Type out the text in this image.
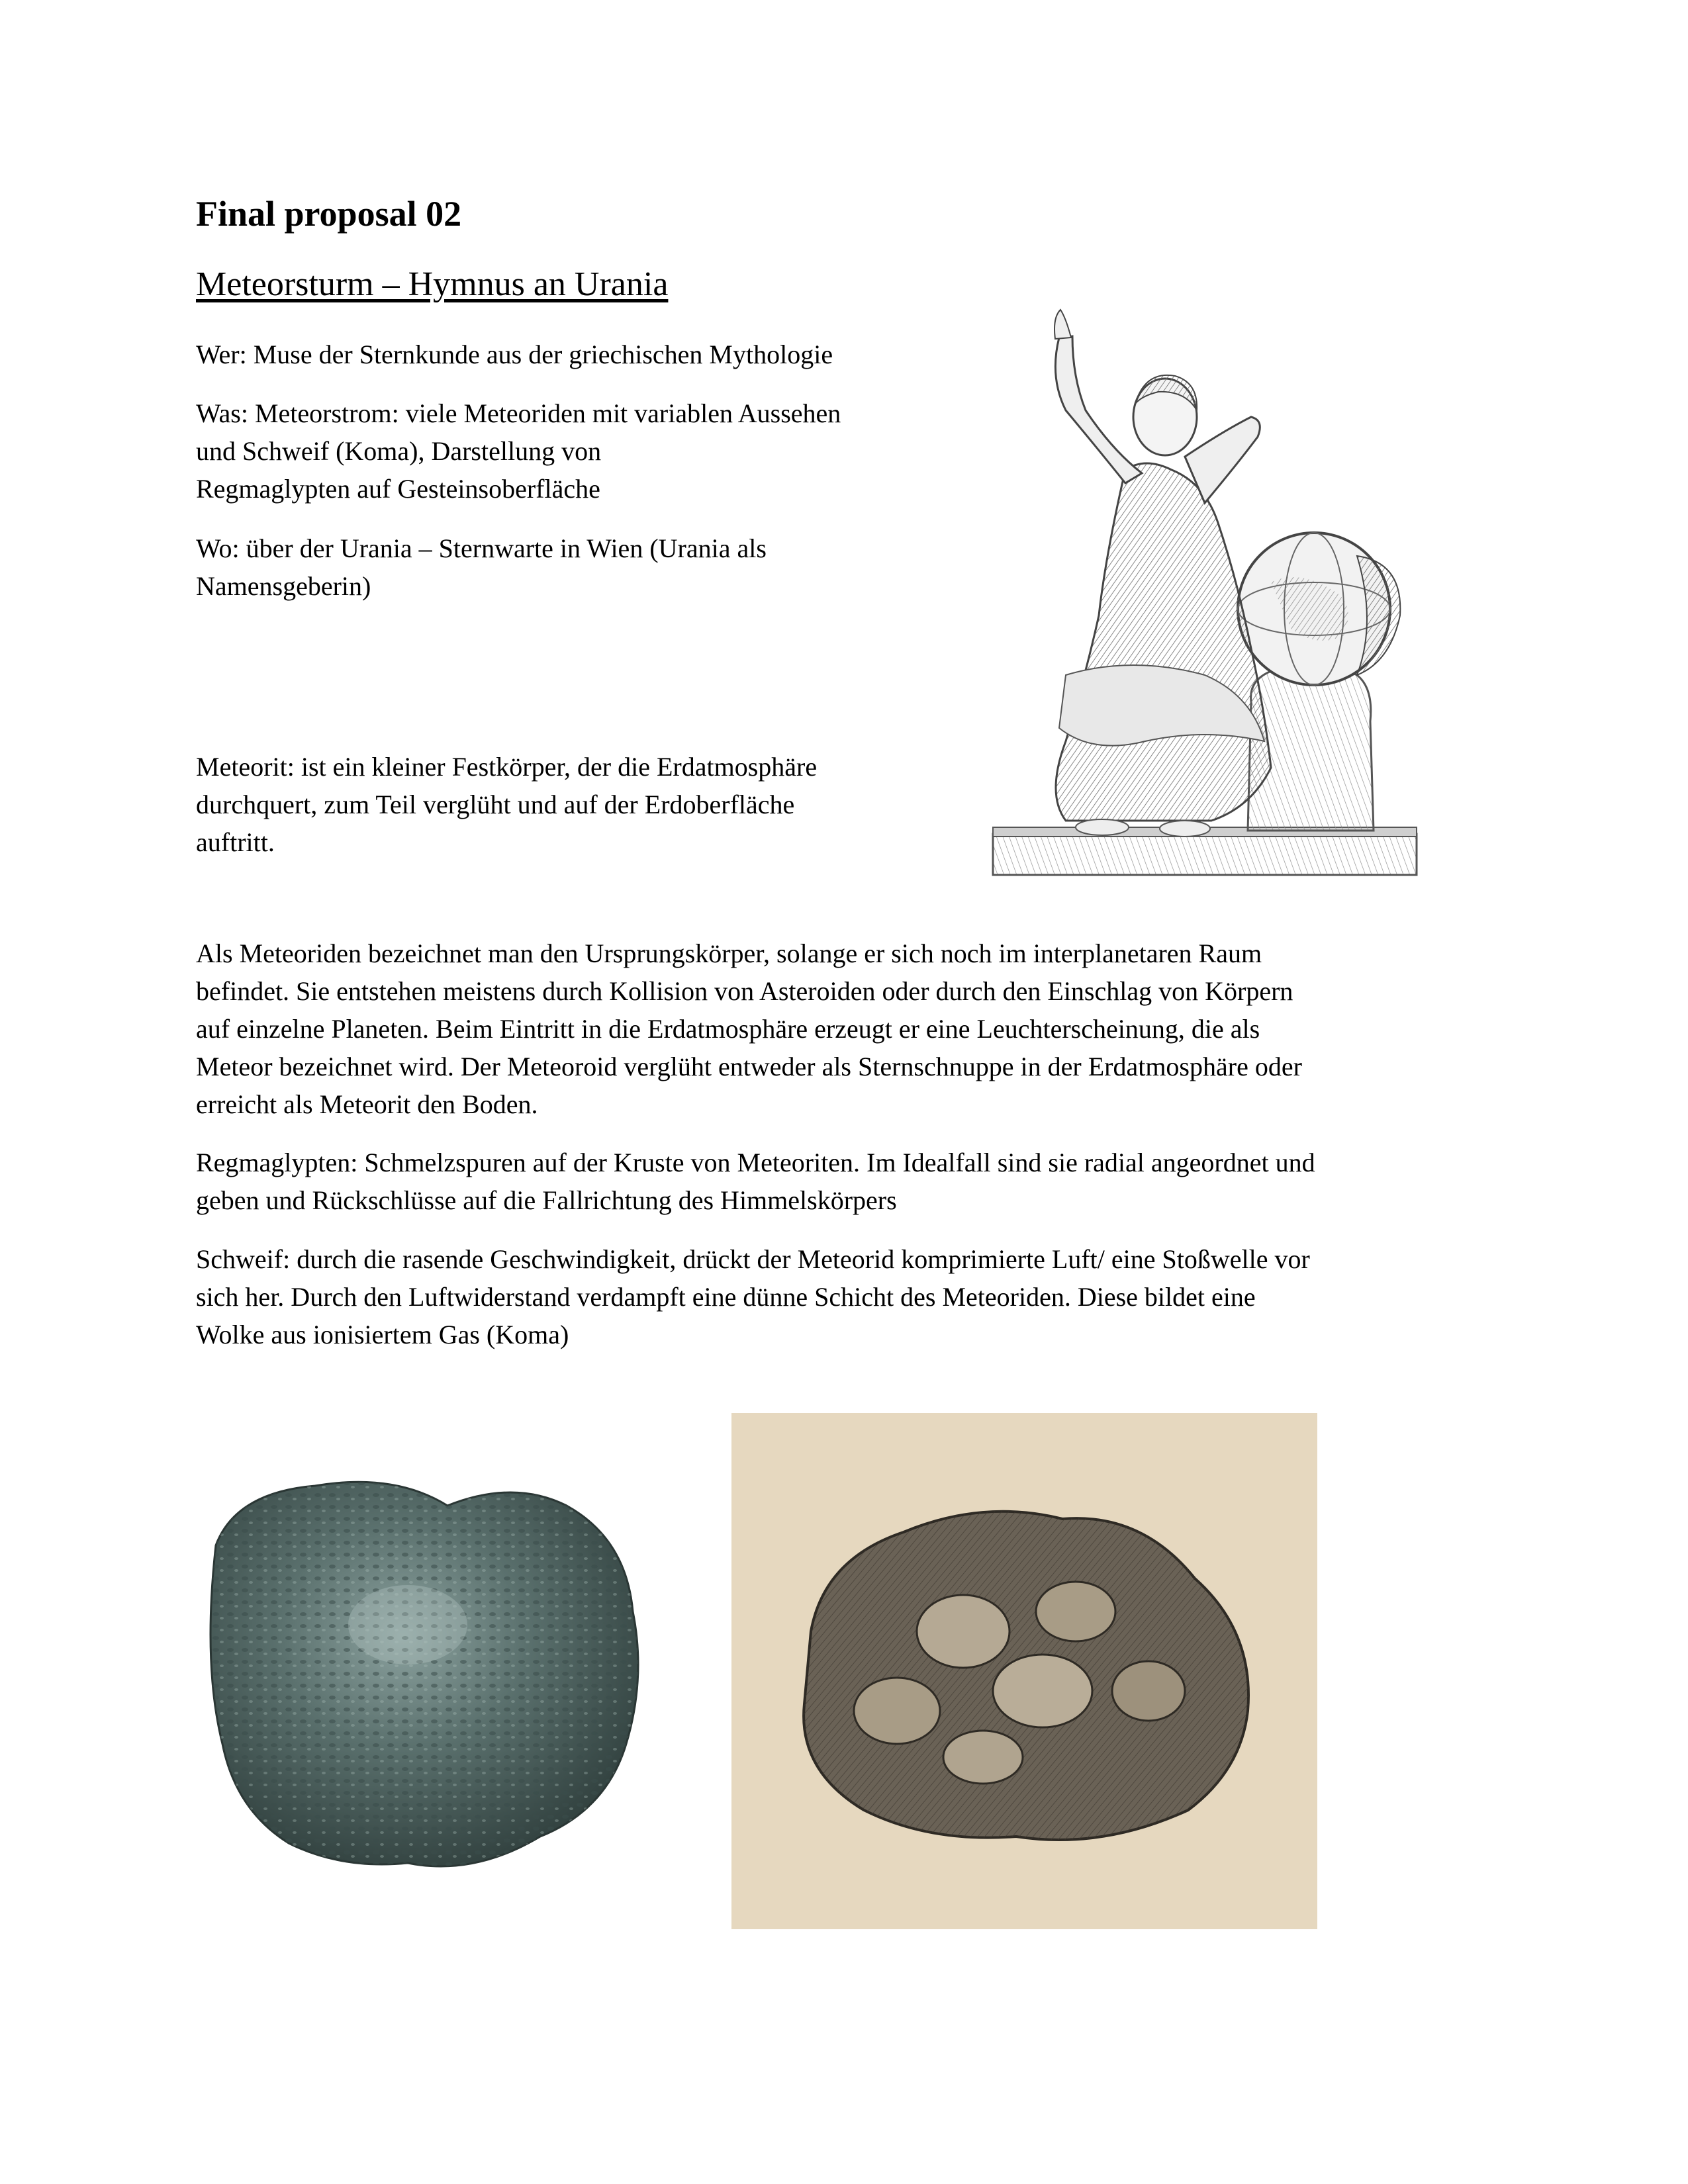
Final proposal 02
Meteorsturm – Hymnus an Urania
Wer: Muse der Sternkunde aus der griechischen Mythologie
Was: Meteorstrom: viele Meteoriden mit variablen Aussehen
und Schweif (Koma), Darstellung von
Regmaglypten auf Gesteinsoberfläche
Wo: über der Urania – Sternwarte in Wien (Urania als
Namensgeberin)
Meteorit: ist ein kleiner Festkörper, der die Erdatmosphäre
durchquert, zum Teil verglüht und auf der Erdoberfläche
auftritt.
Als Meteoriden bezeichnet man den Ursprungskörper, solange er sich noch im interplanetaren Raum
befindet. Sie entstehen meistens durch Kollision von Asteroiden oder durch den Einschlag von Körpern
auf einzelne Planeten. Beim Eintritt in die Erdatmosphäre erzeugt er eine Leuchterscheinung, die als
Meteor bezeichnet wird. Der Meteoroid verglüht entweder als Sternschnuppe in der Erdatmosphäre oder
erreicht als Meteorit den Boden.
Regmaglypten: Schmelzspuren auf der Kruste von Meteoriten. Im Idealfall sind sie radial angeordnet und
geben und Rückschlüsse auf die Fallrichtung des Himmelskörpers
Schweif: durch die rasende Geschwindigkeit, drückt der Meteorid komprimierte Luft/ eine Stoßwelle vor
sich her. Durch den Luftwiderstand verdampft eine dünne Schicht des Meteoriden. Diese bildet eine
Wolke aus ionisiertem Gas (Koma)
